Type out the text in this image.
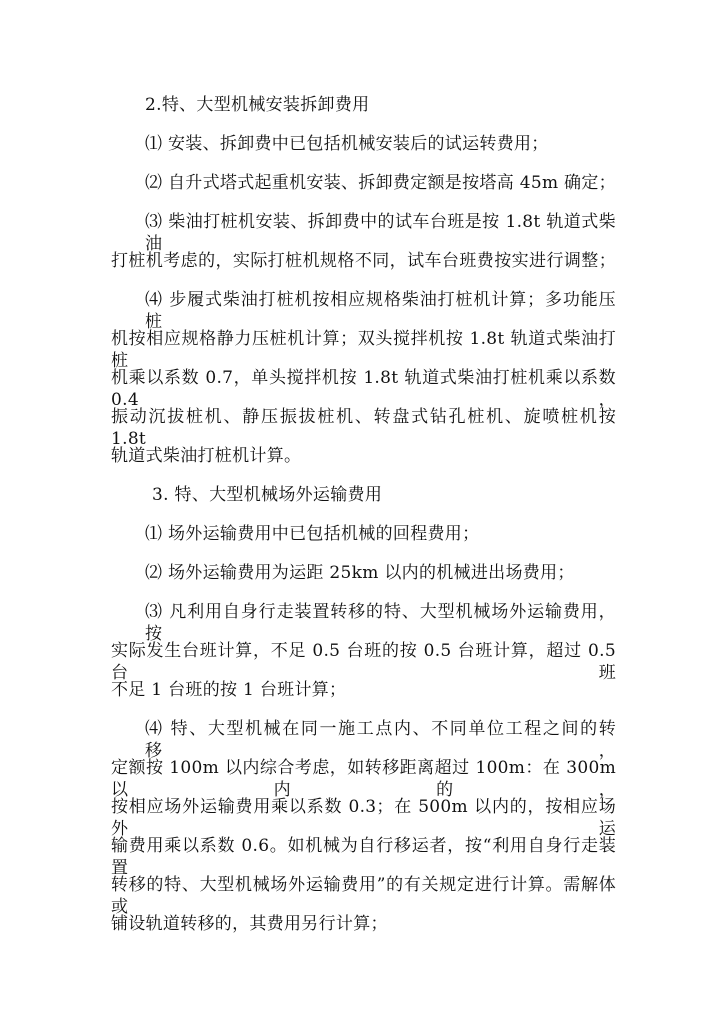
2.特、大型机械安装拆卸费用
⑴ 安装、拆卸费中已包括机械安装后的试运转费用；
⑵ 自升式塔式起重机安装、拆卸费定额是按塔高 45m 确定；
⑶ 柴油打桩机安装、拆卸费中的试车台班是按 1.8t 轨道式柴油
打桩机考虑的，实际打桩机规格不同，试车台班费按实进行调整；
⑷ 步履式柴油打桩机按相应规格柴油打桩机计算；多功能压桩
机按相应规格静力压桩机计算；双头搅拌机按 1.8t 轨道式柴油打桩
机乘以系数 0.7，单头搅拌机按 1.8t 轨道式柴油打桩机乘以系数 0.4，
振动沉拔桩机、静压振拔桩机、转盘式钻孔桩机、旋喷桩机按 1.8t
轨道式柴油打桩机计算。
3. 特、大型机械场外运输费用
⑴ 场外运输费用中已包括机械的回程费用；
⑵ 场外运输费用为运距 25km 以内的机械进出场费用；
⑶ 凡利用自身行走装置转移的特、大型机械场外运输费用，按
实际发生台班计算，不足 0.5 台班的按 0.5 台班计算，超过 0.5 台班
不足 1 台班的按 1 台班计算；
⑷ 特、大型机械在同一施工点内、不同单位工程之间的转移，
定额按 100m 以内综合考虑，如转移距离超过 100m：在 300m 以内的，
按相应场外运输费用乘以系数 0.3；在 500m 以内的，按相应场外运
输费用乘以系数 0.6。如机械为自行移运者，按“利用自身行走装置
转移的特、大型机械场外运输费用”的有关规定进行计算。需解体或
铺设轨道转移的，其费用另行计算；
